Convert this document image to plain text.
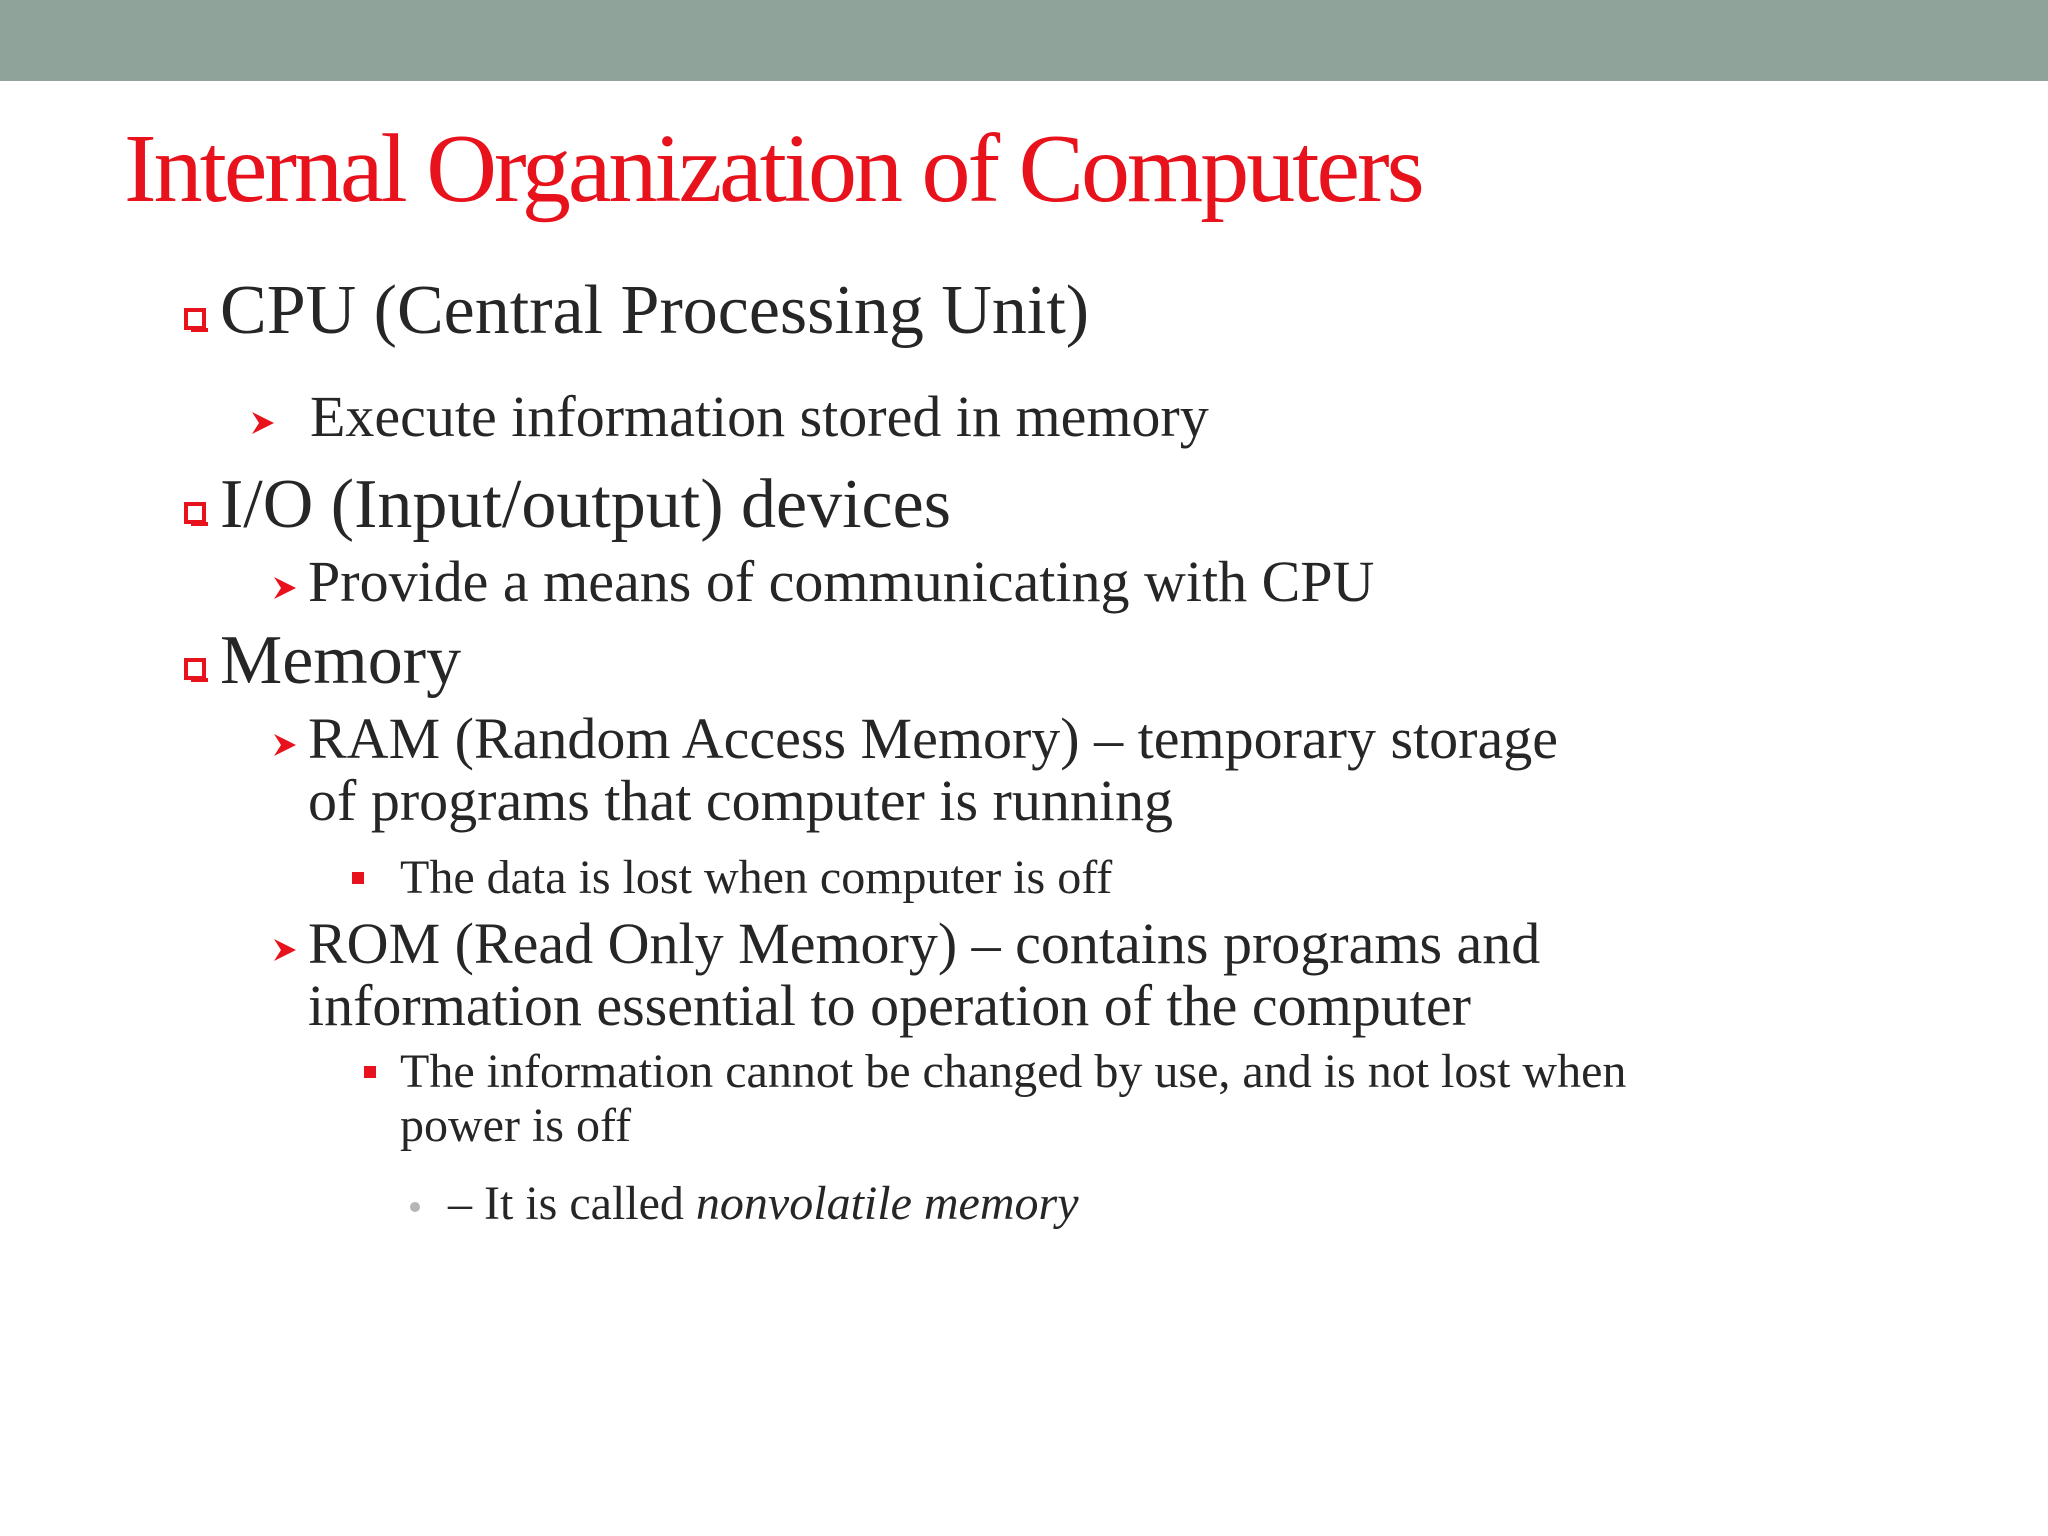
Internal Organization of Computers
CPU (Central Processing Unit)
Execute information stored in memory
I/O (Input/output) devices
Provide a means of communicating with CPU
Memory
RAM (Random Access Memory) – temporary storage
of programs that computer is running
The data is lost when computer is off
ROM (Read Only Memory) – contains programs and
information essential to operation of the computer
The information cannot be changed by use, and is not lost when
power is off
– It is called nonvolatile memory
